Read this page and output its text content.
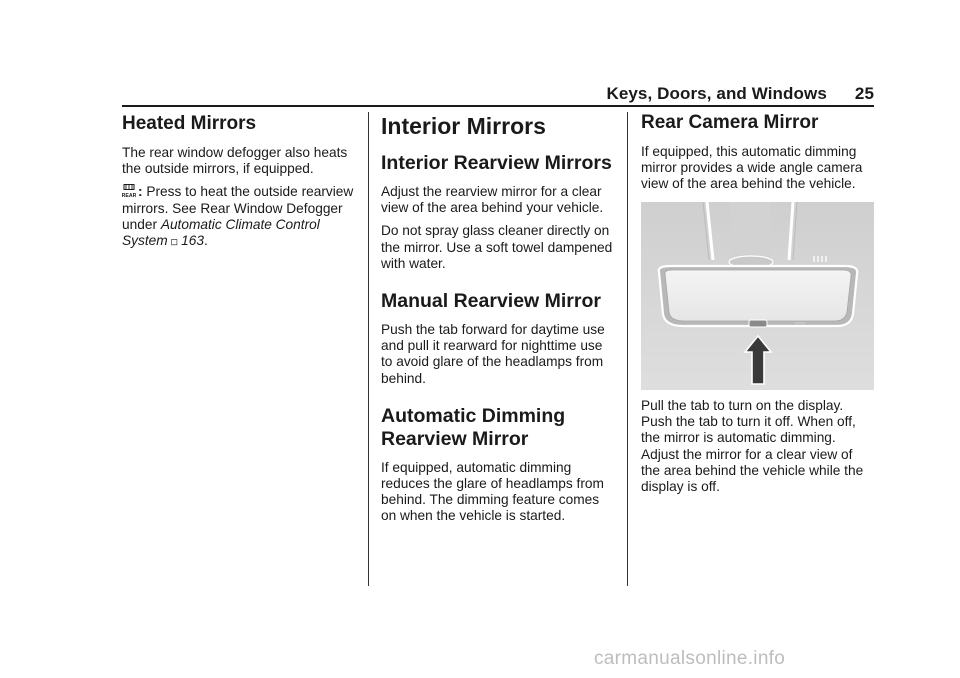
Keys, Doors, and Windows 25
Heated Mirrors

The rear window defogger also heats the outside mirrors, if equipped.

REAR : Press to heat the outside rearview mirrors. See Rear Window Defogger under Automatic Climate Control System◇163.

Interior Mirrors
Interior Rearview Mirrors

Adjust the rearview mirror for a clear view of the area behind your vehicle.

Do not spray glass cleaner directly on the mirror. Use a soft towel dampened with water.

Manual Rearview Mirror

Push the tab forward for daytime use and pull it rearward for nighttime use to avoid glare of the headlamps from behind.

Automatic Dimming Rearview Mirror

If equipped, automatic dimming reduces the glare of headlamps from behind. The dimming feature comes on when the vehicle is started.

Rear Camera Mirror

If equipped, this automatic dimming mirror provides a wide angle camera view of the area behind the vehicle.

Pull the tab to turn on the display. Push the tab to turn it off. When off, the mirror is automatic dimming. Adjust the mirror for a clear view of the area behind the vehicle while the display is off.

carmanualsonline.info
